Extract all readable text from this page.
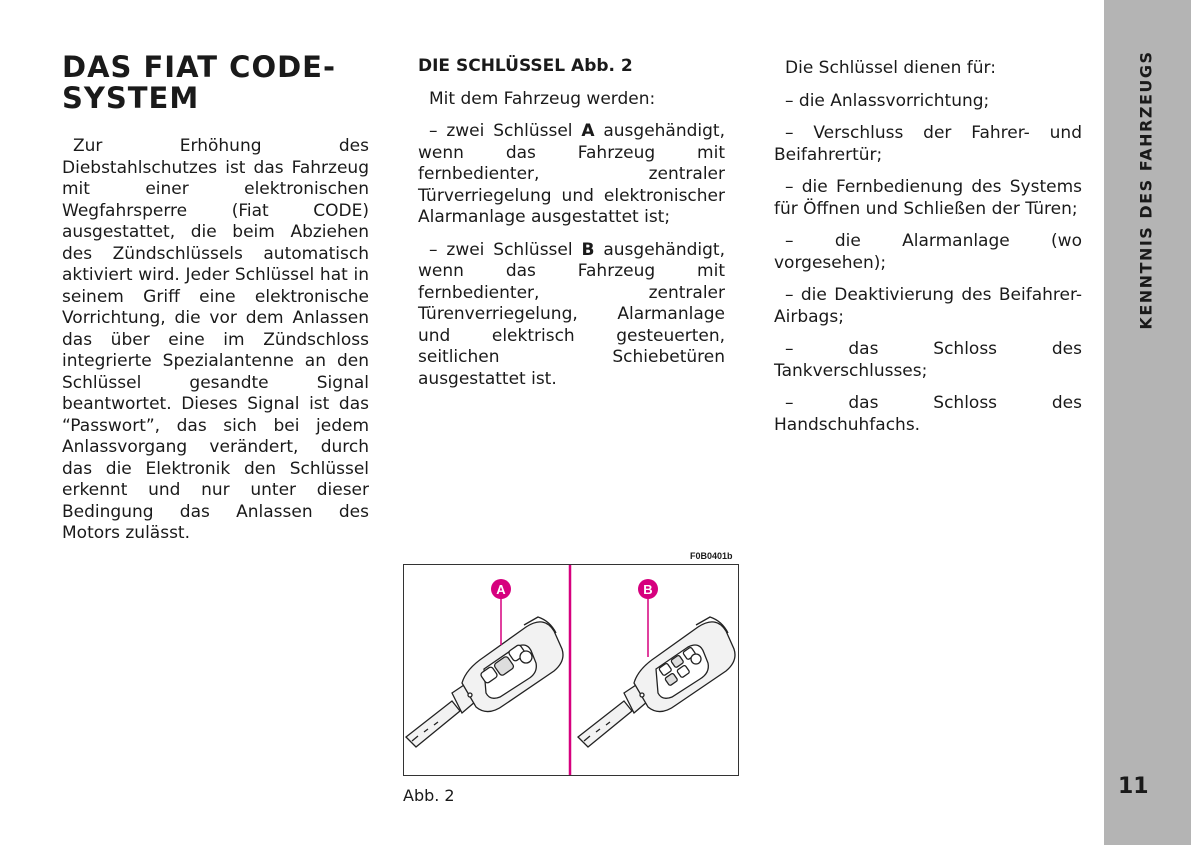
DAS FIAT CODE-
SYSTEM

Zur Erhöhung des Diebstahlschutzes ist das Fahrzeug mit einer elektronischen Wegfahrsperre (Fiat CODE) ausgestattet, die beim Abziehen des Zündschlüssels automatisch aktiviert wird. Jeder Schlüssel hat in seinem Griff eine elektronische Vorrichtung, die vor dem Anlassen das über eine im Zündschloss integrierte Spezialantenne an den Schlüssel gesandte Signal beantwortet. Dieses Signal ist das “Passwort”, das sich bei jedem Anlassvorgang verändert, durch das die Elektronik den Schlüssel erkennt und nur unter dieser Bedingung das Anlassen des Motors zulässt.

DIE SCHLÜSSEL Abb. 2

Mit dem Fahrzeug werden:

– zwei Schlüssel A ausgehändigt, wenn das Fahrzeug mit fernbedienter, zentraler Türverriegelung und elektronischer Alarmanlage ausgestattet ist;

– zwei Schlüssel B ausgehändigt, wenn das Fahrzeug mit fernbedienter, zentraler Türenverriegelung, Alarmanlage und elektrisch gesteuerten, seitlichen Schiebetüren ausgestattet ist.

Die Schlüssel dienen für:

– die Anlassvorrichtung;

– Verschluss der Fahrer- und Beifahrertür;

– die Fernbedienung des Systems für Öffnen und Schließen der Türen;

– die Alarmanlage (wo vorgesehen);

– die Deaktivierung des Beifahrer-Airbags;

– das Schloss des Tankverschlusses;

– das Schloss des Handschuhfachs.

F0B0401b
A	B
Abb. 2
KENNTNIS DES FAHRZEUGS
11
